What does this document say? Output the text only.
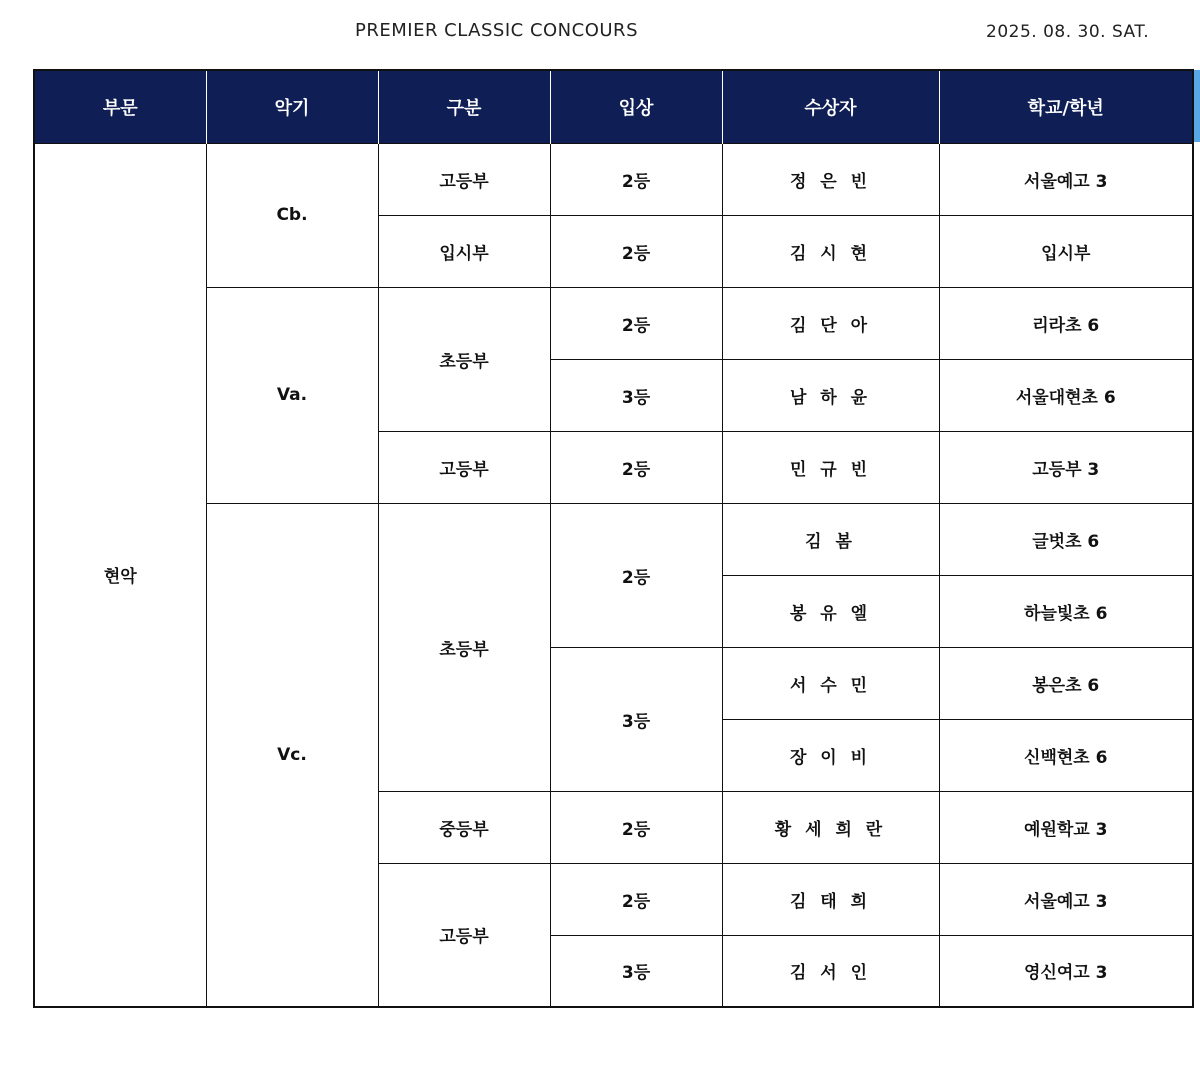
PREMIER CLASSIC CONCOURS	2025. 08. 30. SAT.
부문	악기	구분	입상	수상자	학교/학년
현악	Cb.	고등부	2등	정 은 빈	서울예고 3
		입시부	2등	김 시 현	입시부
	Va.	초등부	2등	김 단 아	리라초 6
			3등	남 하 윤	서울대현초 6
		고등부	2등	민 규 빈	고등부 3
	Vc.	초등부	2등	김 봄	글벗초 6
				봉 유 엘	하늘빛초 6
			3등	서 수 민	봉은초 6
				장 이 비	신백현초 6
		중등부	2등	황 세 희 란	예원학교 3
		고등부	2등	김 태 희	서울예고 3
			3등	김 서 인	영신여고 3
